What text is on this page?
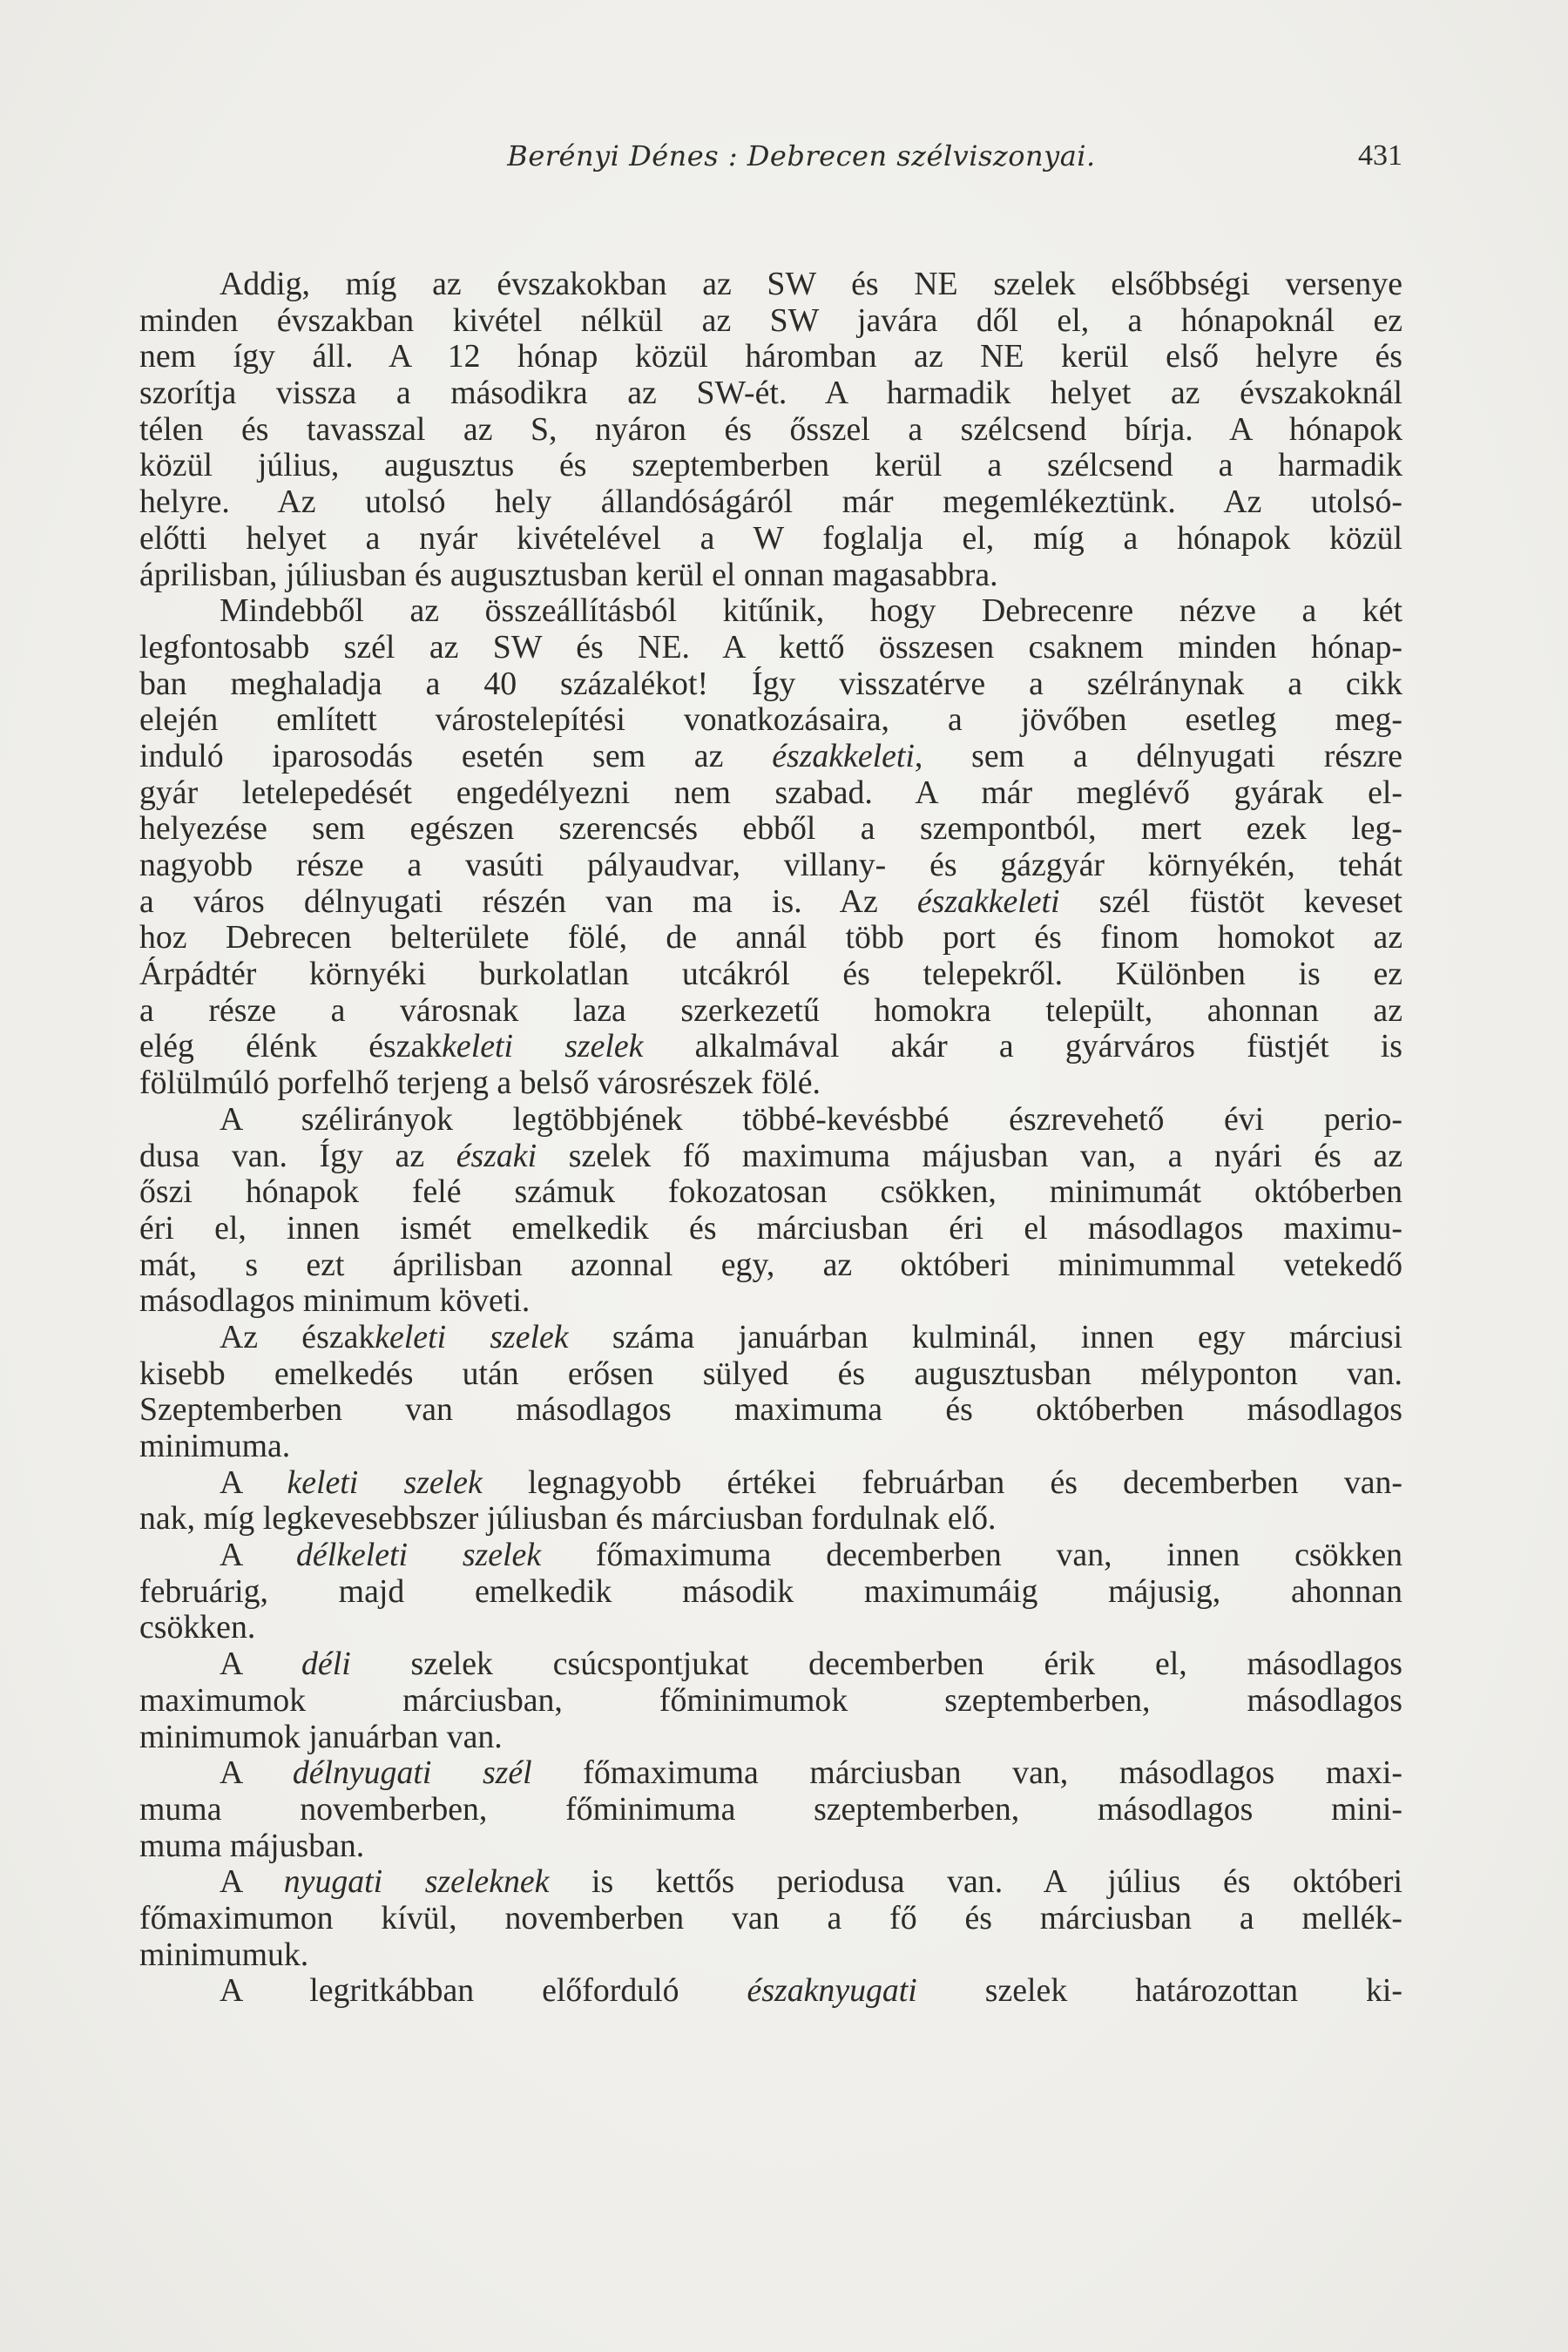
Berényi Dénes : Debrecen szélviszonyai.	431
Addig, míg az évszakokban az SW és NE szelek elsőbbségi versenye
minden évszakban kivétel nélkül az SW javára dől el, a hónapoknál ez
nem így áll. A 12 hónap közül háromban az NE kerül első helyre és
szorítja vissza a másodikra az SW-ét. A harmadik helyet az évszakoknál
télen és tavasszal az S, nyáron és ősszel a szélcsend bírja. A hónapok
közül július, augusztus és szeptemberben kerül a szélcsend a harmadik
helyre. Az utolsó hely állandóságáról már megemlékeztünk. Az utolsó-
előtti helyet a nyár kivételével a W foglalja el, míg a hónapok közül
áprilisban, júliusban és augusztusban kerül el onnan magasabbra.
Mindebből az összeállításból kitűnik, hogy Debrecenre nézve a két
legfontosabb szél az SW és NE. A kettő összesen csaknem minden hónap-
ban meghaladja a 40 százalékot! Így visszatérve a szélránynak a cikk
elején említett várostelepítési vonatkozásaira, a jövőben esetleg meg-
induló iparosodás esetén sem az északkeleti, sem a délnyugati részre
gyár letelepedését engedélyezni nem szabad. A már meglévő gyárak el-
helyezése sem egészen szerencsés ebből a szempontból, mert ezek leg-
nagyobb része a vasúti pályaudvar, villany- és gázgyár környékén, tehát
a város délnyugati részén van ma is. Az északkeleti szél füstöt keveset
hoz Debrecen belterülete fölé, de annál több port és finom homokot az
Árpádtér környéki burkolatlan utcákról és telepekről. Különben is ez
a része a városnak laza szerkezetű homokra települt, ahonnan az
elég élénk északkeleti szelek alkalmával akár a gyárváros füstjét is
fölülmúló porfelhő terjeng a belső városrészek fölé.
A szélirányok legtöbbjének többé-kevésbbé észrevehető évi perio-
dusa van. Így az északi szelek fő maximuma májusban van, a nyári és az
őszi hónapok felé számuk fokozatosan csökken, minimumát októberben
éri el, innen ismét emelkedik és márciusban éri el másodlagos maximu-
mát, s ezt áprilisban azonnal egy, az októberi minimummal vetekedő
másodlagos minimum követi.
Az északkeleti szelek száma januárban kulminál, innen egy márciusi
kisebb emelkedés után erősen sülyed és augusztusban mélyponton van.
Szeptemberben van másodlagos maximuma és októberben másodlagos
minimuma.
A keleti szelek legnagyobb értékei februárban és decemberben van-
nak, míg legkevesebbszer júliusban és márciusban fordulnak elő.
A délkeleti szelek főmaximuma decemberben van, innen csökken
februárig, majd emelkedik második maximumáig májusig, ahonnan
csökken.
A déli szelek csúcspontjukat decemberben érik el, másodlagos
maximumok márciusban, főminimumok szeptemberben, másodlagos
minimumok januárban van.
A délnyugati szél főmaximuma márciusban van, másodlagos maxi-
muma novemberben, főminimuma szeptemberben, másodlagos mini-
muma májusban.
A nyugati szeleknek is kettős periodusa van. A július és októberi
főmaximumon kívül, novemberben van a fő és márciusban a mellék-
minimumuk.
A legritkábban előforduló északnyugati szelek határozottan ki-
